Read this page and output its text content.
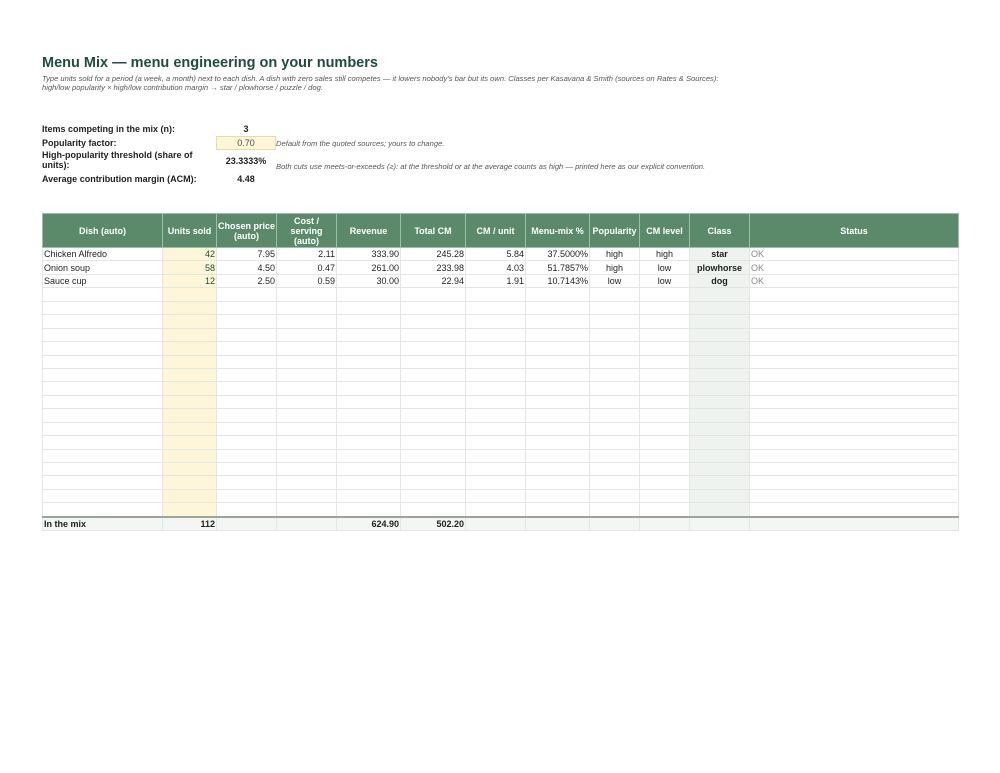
Menu Mix — menu engineering on your numbers
Type units sold for a period (a week, a month) next to each dish. A dish with zero sales still competes — it lowers nobody's bar but its own. Classes per Kasavana & Smith (sources on Rates & Sources): high/low popularity × high/low contribution margin → star / plowhorse / puzzle / dog.
Items competing in the mix (n):	3
Popularity factor:	0.70	Default from the quoted sources; yours to change.
High-popularity threshold (share of units):	23.3333%
Both cuts use meets-or-exceeds (≥): at the threshold or at the average counts as high — printed here as our explicit convention.
Average contribution margin (ACM):	4.48
Dish (auto)	Units sold	Chosen price (auto)	Cost / serving (auto)	Revenue	Total CM	CM / unit	Menu-mix %	Popularity	CM level	Class	Status
Chicken Alfredo	42	7.95	2.11	333.90	245.28	5.84	37.5000%	high	high	star	OK
Onion soup	58	4.50	0.47	261.00	233.98	4.03	51.7857%	high	low	plowhorse	OK
Sauce cup	12	2.50	0.59	30.00	22.94	1.91	10.7143%	low	low	dog	OK

In the mix	112			624.90	502.20						
